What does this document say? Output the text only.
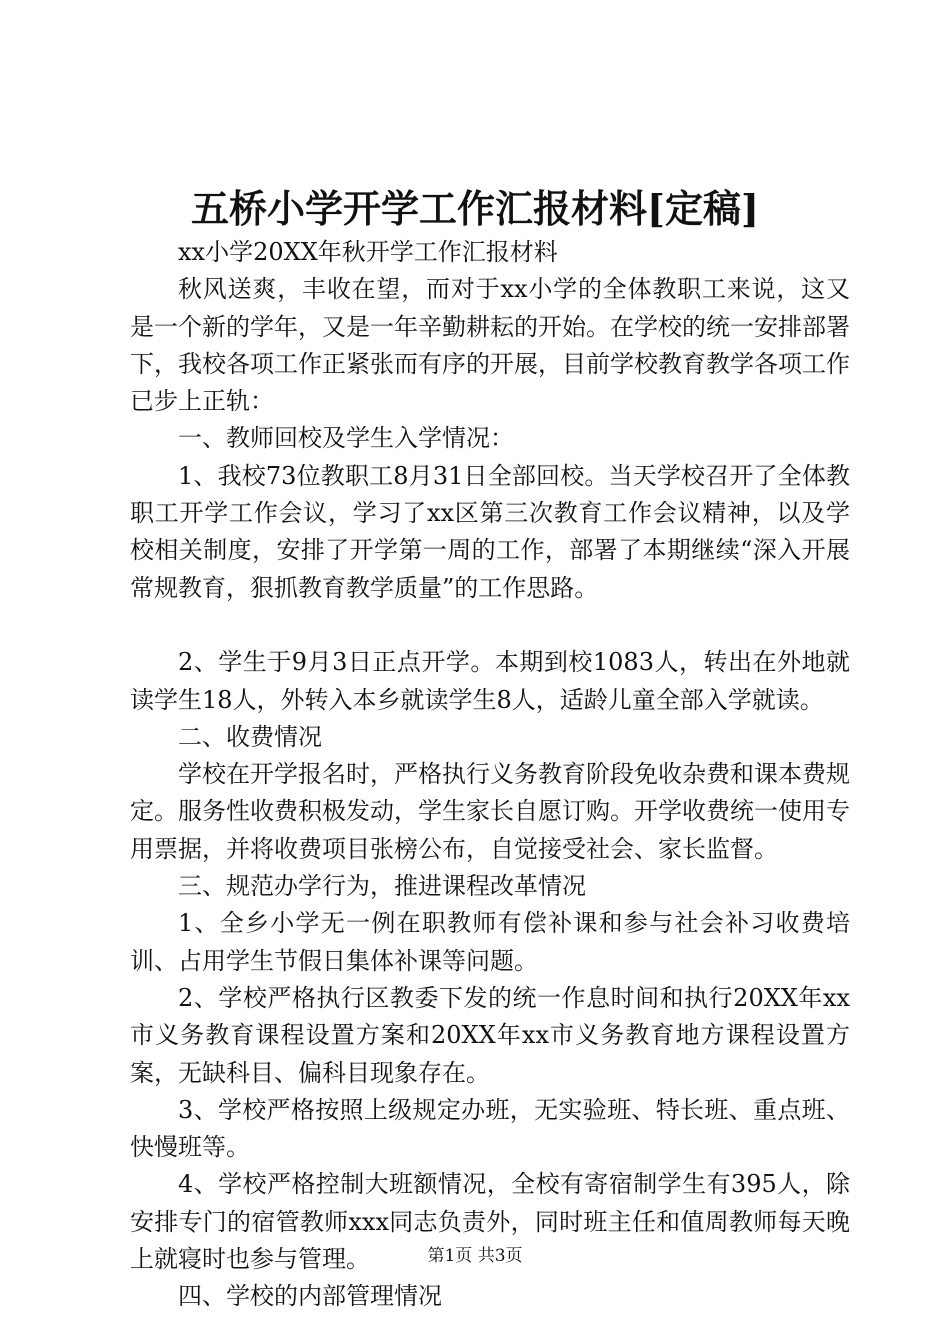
五桥小学开学工作汇报材料[定稿]

xx小学20XX年秋开学工作汇报材料

秋风送爽，丰收在望，而对于xx小学的全体教职工来说，这又是一个新的学年，又是一年辛勤耕耘的开始。在学校的统一安排部署下，我校各项工作正紧张而有序的开展，目前学校教育教学各项工作已步上正轨：

一、教师回校及学生入学情况：

1、我校73位教职工8月31日全部回校。当天学校召开了全体教职工开学工作会议，学习了xx区第三次教育工作会议精神，以及学校相关制度，安排了开学第一周的工作，部署了本期继续“深入开展常规教育，狠抓教育教学质量”的工作思路。

2、学生于9月3日正点开学。本期到校1083人，转出在外地就读学生18人，外转入本乡就读学生8人，适龄儿童全部入学就读。

二、收费情况

学校在开学报名时，严格执行义务教育阶段免收杂费和课本费规定。服务性收费积极发动，学生家长自愿订购。开学收费统一使用专用票据，并将收费项目张榜公布，自觉接受社会、家长监督。

三、规范办学行为，推进课程改革情况

1、全乡小学无一例在职教师有偿补课和参与社会补习收费培训、占用学生节假日集体补课等问题。

2、学校严格执行区教委下发的统一作息时间和执行20XX年xx市义务教育课程设置方案和20XX年xx市义务教育地方课程设置方案，无缺科目、偏科目现象存在。

3、学校严格按照上级规定办班，无实验班、特长班、重点班、快慢班等。

4、学校严格控制大班额情况，全校有寄宿制学生有395人，除安排专门的宿管教师xxx同志负责外，同时班主任和值周教师每天晚上就寝时也参与管理。

四、学校的内部管理情况

第1页 共3页
